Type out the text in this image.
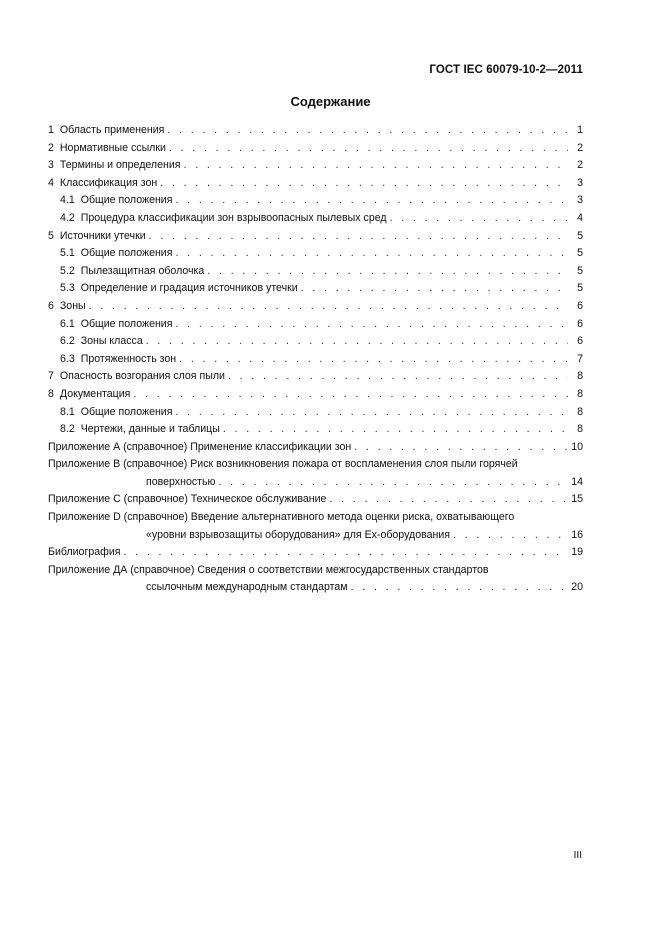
ГОСТ IEC 60079-10-2—2011
Содержание
1 Область применения . . .	1
2 Нормативные ссылки . . .	2
3 Термины и определения . . .	2
4 Классификация зон . . .	3
4.1 Общие положения . . .	3
4.2 Процедура классификации зон взрывоопасных пылевых сред . . .	4
5 Источники утечки . . .	5
5.1 Общие положения . . .	5
5.2 Пылезащитная оболочка . . .	5
5.3 Определение и градация источников утечки . . .	5
6 Зоны . . .	6
6.1 Общие положения . . .	6
6.2 Зоны класса . . .	6
6.3 Протяженность зон . . .	7
7 Опасность возгорания слоя пыли . . .	8
8 Документация . . .	8
8.1 Общие положения . . .	8
8.2 Чертежи, данные и таблицы . . .	8
Приложение А (справочное) Применение классификации зон . . .	10
Приложение В (справочное) Риск возникновения пожара от воспламенения слоя пыли горячей
поверхностью . . .	14
Приложение С (справочное) Техническое обслуживание . . .	15
Приложение D (справочное) Введение альтернативного метода оценки риска, охватывающего
«уровни взрывозащиты оборудования» для Ex-оборудования . . .	16
Библиография . . .	19
Приложение ДА (справочное) Сведения о соответствии межгосударственных стандартов
ссылочным международным стандартам . . .	20
III
